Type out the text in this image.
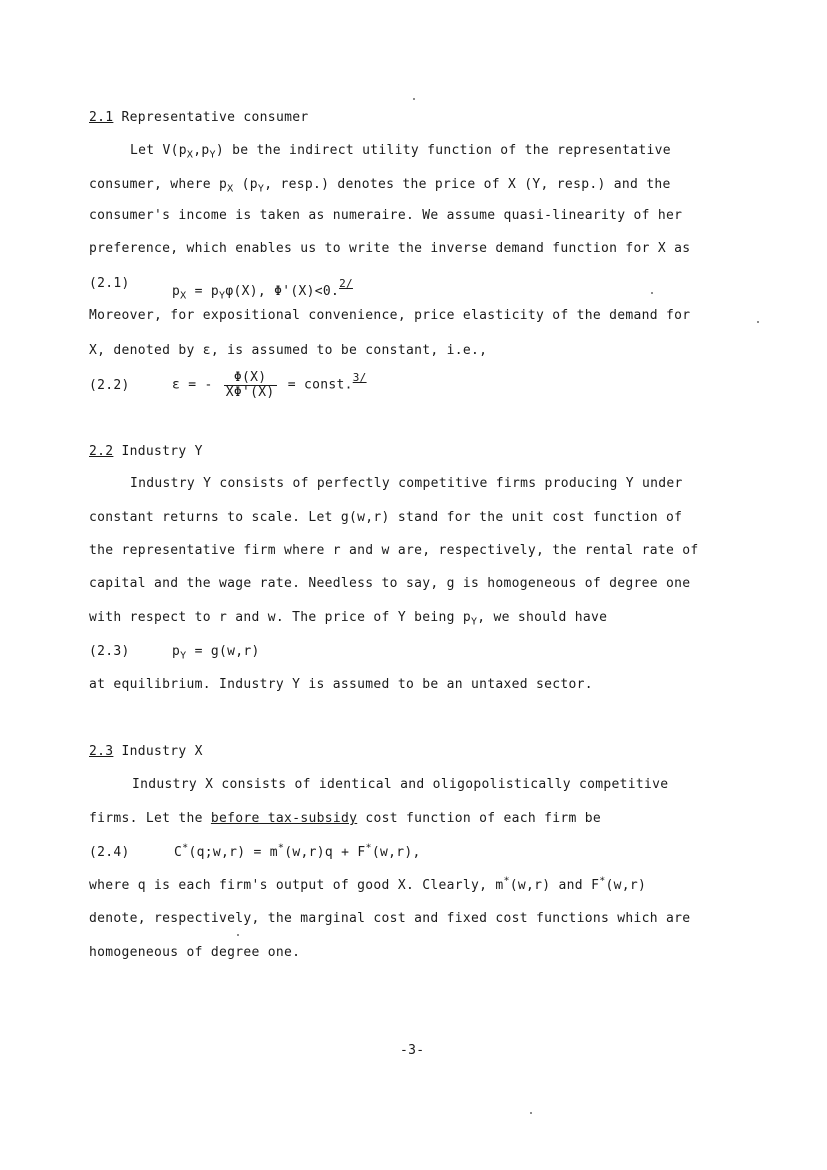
2.1 Representative consumer
Let $V(p_X,p_Y)$ be the indirect utility function of the representative
consumer, where $p_X$ ($p_Y$, resp.) denotes the price of X (Y, resp.) and the
consumer's income is taken as numeraire. We assume quasi-linearity of her
preference, which enables us to write the inverse demand function for X as
(2.1)
$p_X = p_Y\varphi(X)$, Φ'(X)<0.$^{2/}$
Moreover, for expositional convenience, price elasticity of the demand for
X, denoted by ε, is assumed to be constant, i.e.,
(2.2)	ε = - $\frac{\Phi(X)}{X\Phi'(X)}$ = const.$^{3/}$
2.2 Industry Y
Industry Y consists of perfectly competitive firms producing Y under
constant returns to scale. Let g(w,r) stand for the unit cost function of
the representative firm where r and w are, respectively, the rental rate of
capital and the wage rate. Needless to say, g is homogeneous of degree one
with respect to r and w. The price of Y being $p_Y$, we should have
(2.3)	$p_Y = g(w,r)$
at equilibrium. Industry Y is assumed to be an untaxed sector.
2.3 Industry X
Industry X consists of identical and oligopolistically competitive
firms. Let the before tax-subsidy cost function of each firm be
(2.4)	C*(q;w,r) = m*(w,r)q + F*(w,r),
where q is each firm's output of good X. Clearly, m*(w,r) and F*(w,r)
denote, respectively, the marginal cost and fixed cost functions which are
homogeneous of degree one.
-3-
